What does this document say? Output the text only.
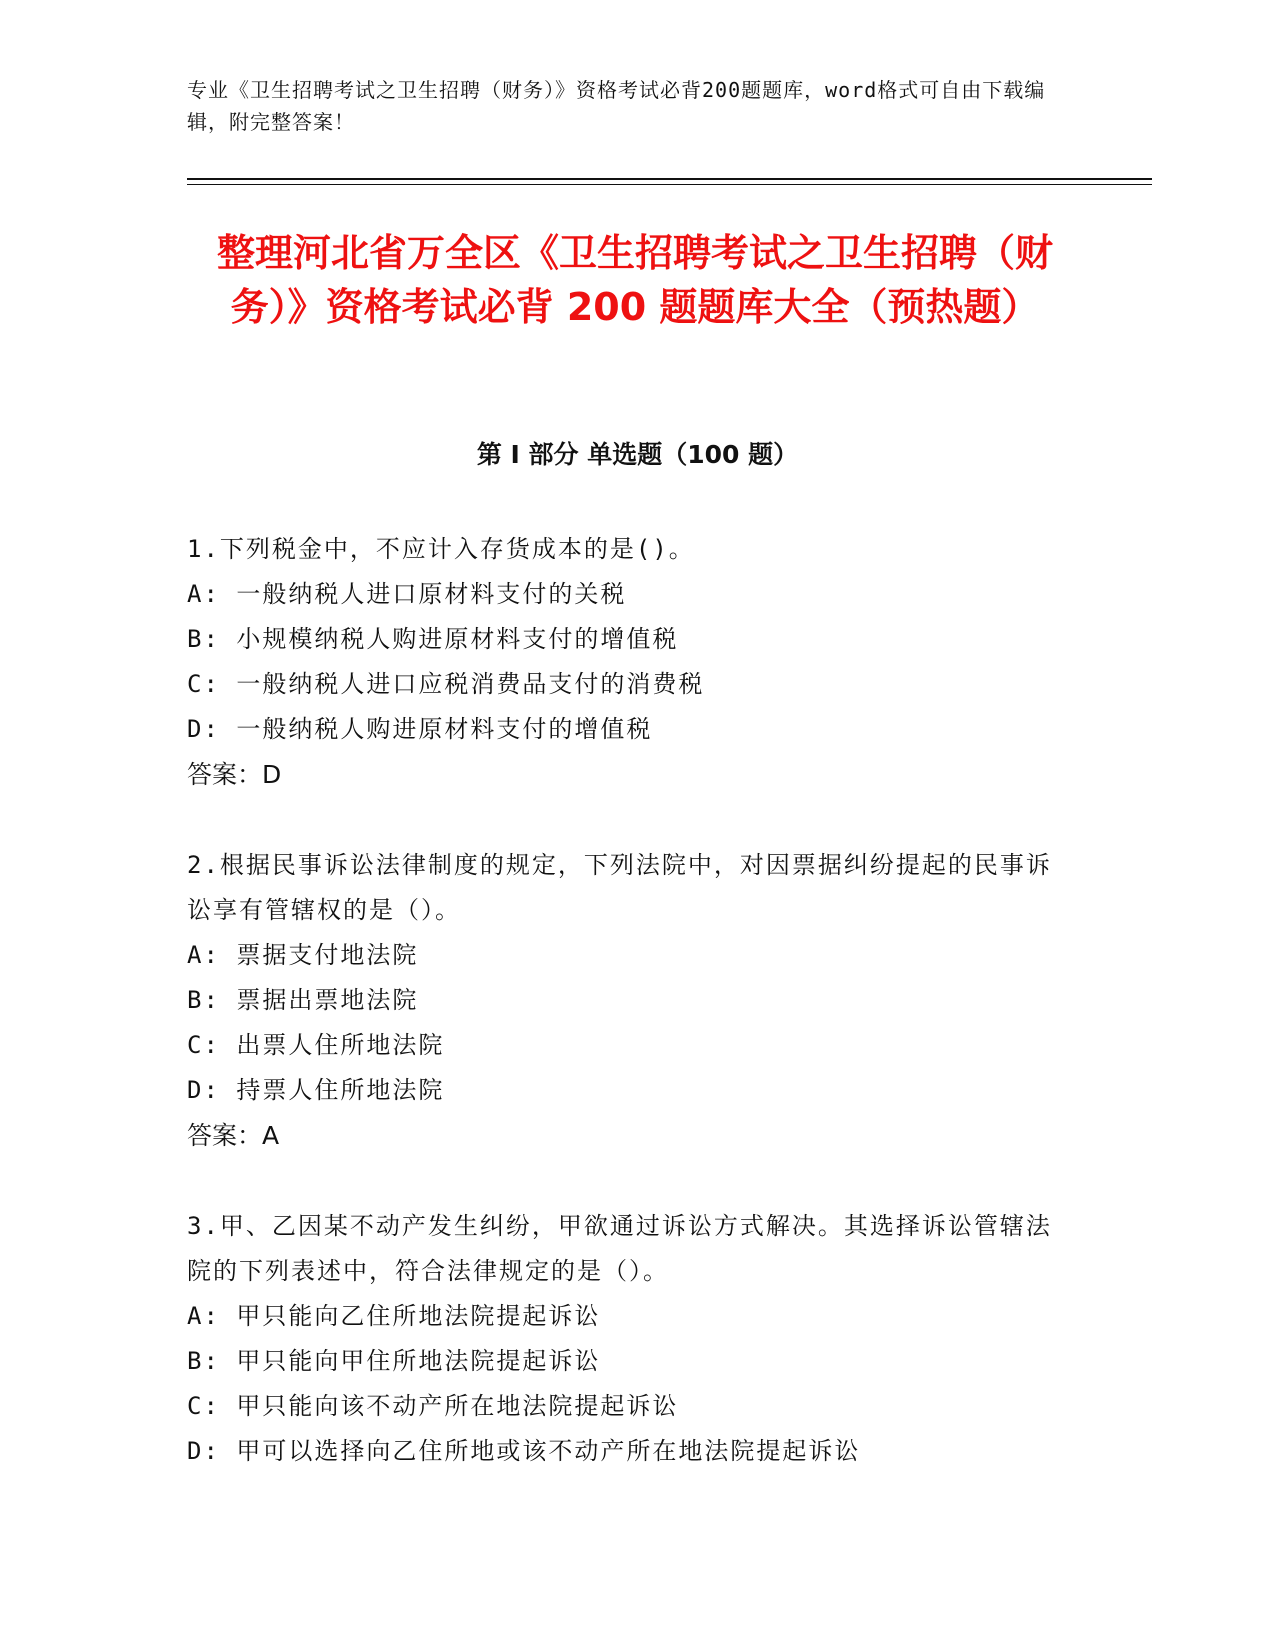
专业《卫生招聘考试之卫生招聘（财务）》资格考试必背200题题库，word格式可自由下载编辑，附完整答案！
整理河北省万全区《卫生招聘考试之卫生招聘（财务）》资格考试必背 200 题题库大全（预热题）
第 I 部分 单选题（100 题）
1.下列税金中，不应计入存货成本的是()。
A: 一般纳税人进口原材料支付的关税
B: 小规模纳税人购进原材料支付的增值税
C: 一般纳税人进口应税消费品支付的消费税
D: 一般纳税人购进原材料支付的增值税
答案：D
2.根据民事诉讼法律制度的规定，下列法院中，对因票据纠纷提起的民事诉讼享有管辖权的是（）。
A: 票据支付地法院
B: 票据出票地法院
C: 出票人住所地法院
D: 持票人住所地法院
答案：A
3.甲、乙因某不动产发生纠纷，甲欲通过诉讼方式解决。其选择诉讼管辖法院的下列表述中，符合法律规定的是（）。
A: 甲只能向乙住所地法院提起诉讼
B: 甲只能向甲住所地法院提起诉讼
C: 甲只能向该不动产所在地法院提起诉讼
D: 甲可以选择向乙住所地或该不动产所在地法院提起诉讼
